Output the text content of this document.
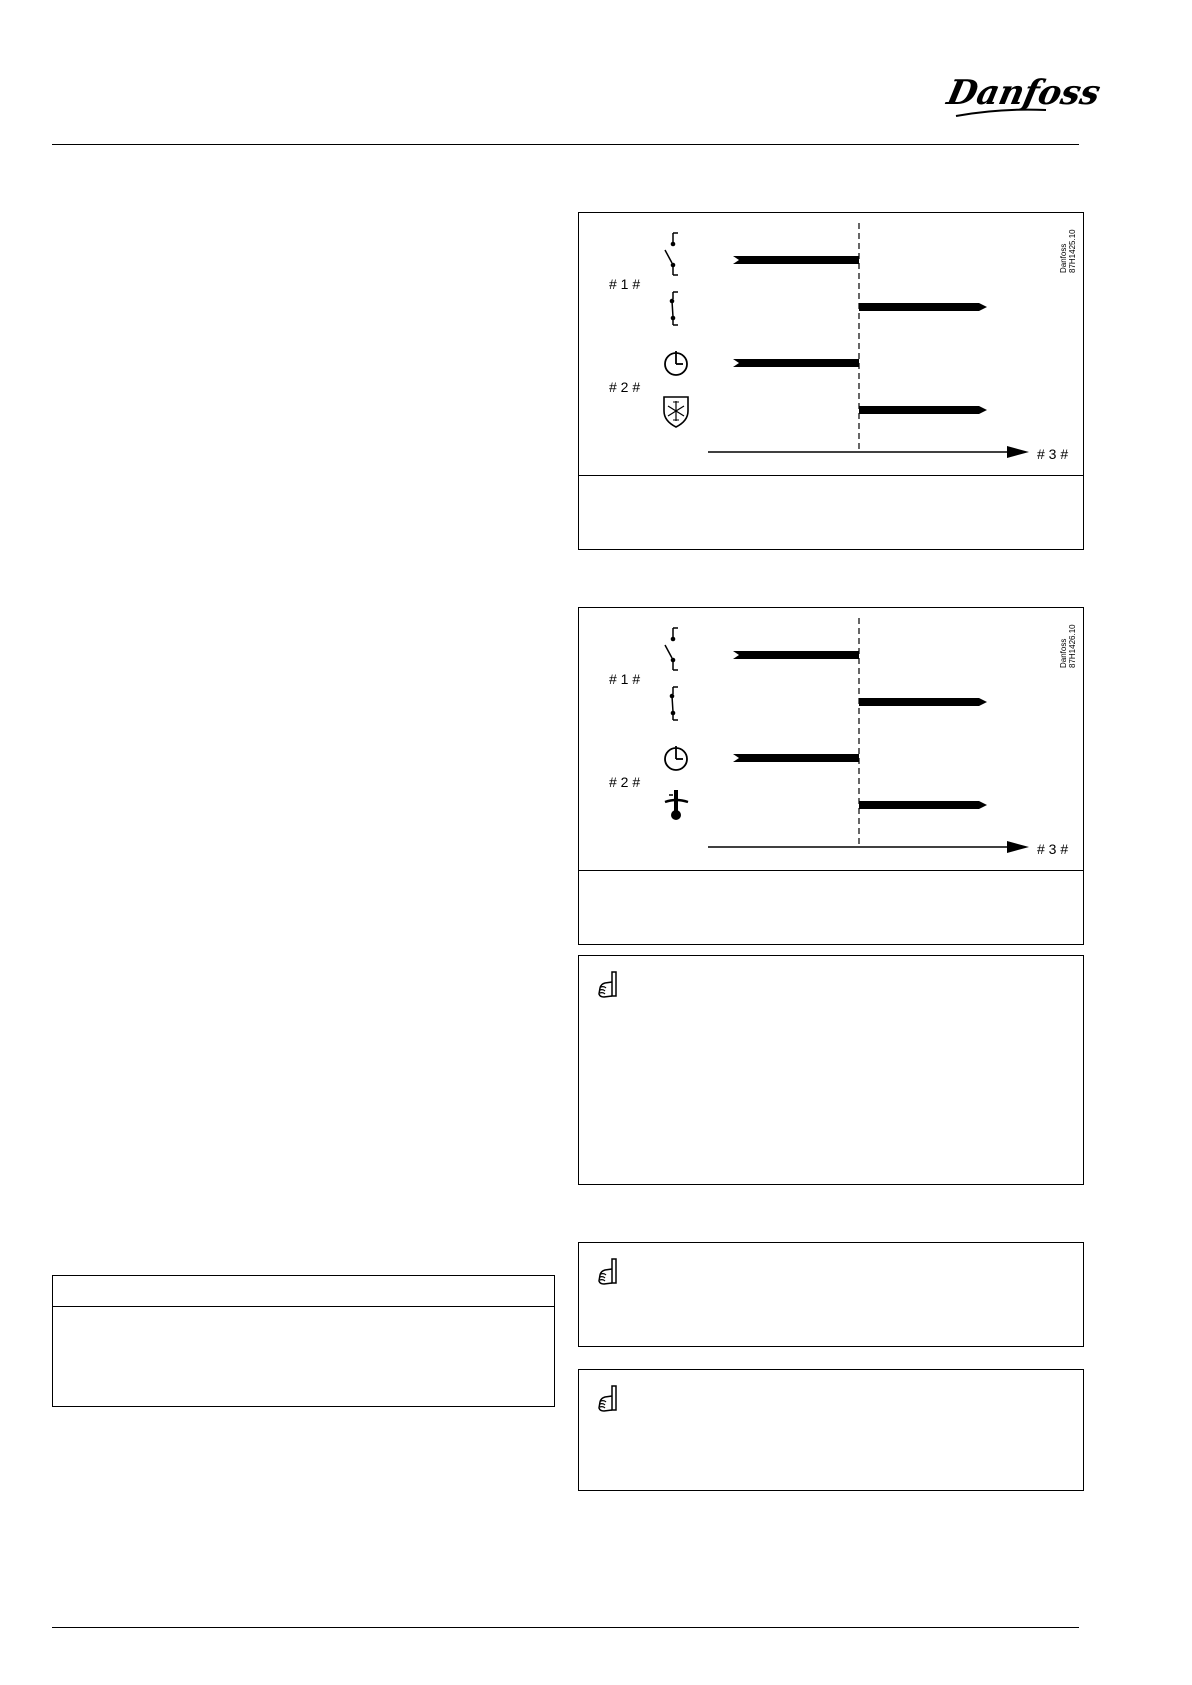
Danfoss
# 1 #
# 2 #
# 3 #
Danfoss 87H1425.10
# 1 #
# 2 #
# 3 #
Danfoss 87H1426.10
